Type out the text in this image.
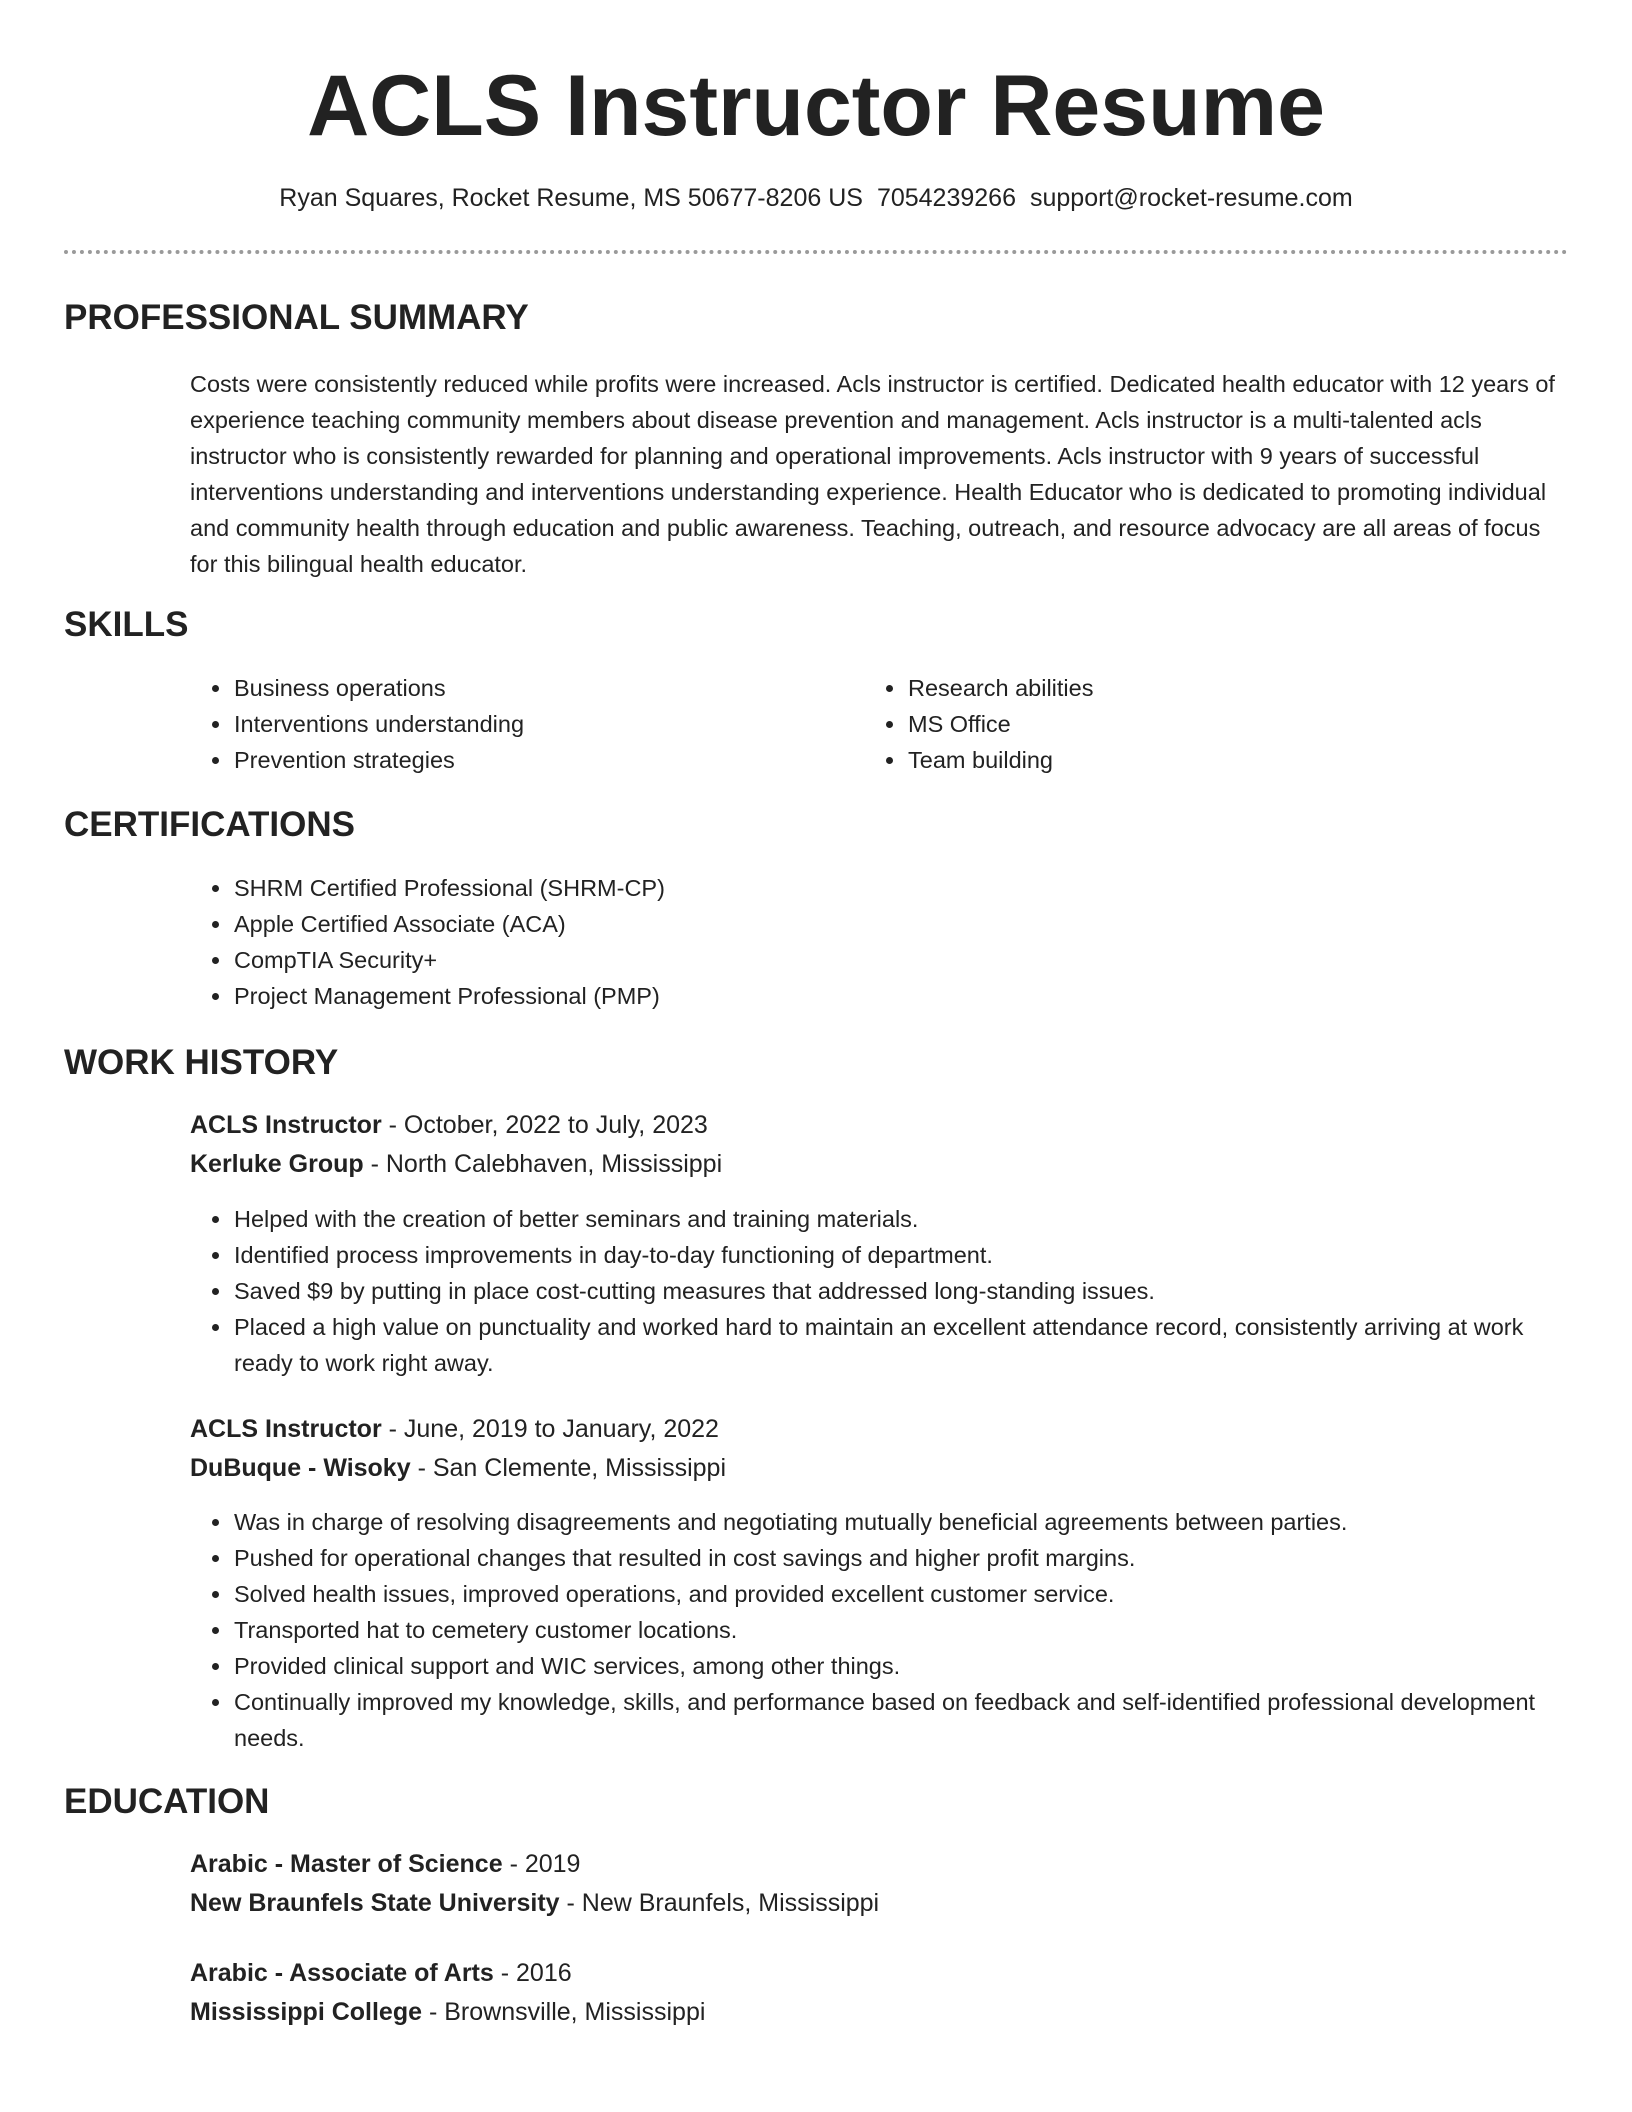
ACLS Instructor Resume
Ryan Squares, Rocket Resume, MS 50677-8206 US 7054239266 support@rocket-resume.com
PROFESSIONAL SUMMARY

Costs were consistently reduced while profits were increased. Acls instructor is certified. Dedicated health educator with 12 years of experience teaching community members about disease prevention and management. Acls instructor is a multi-talented acls instructor who is consistently rewarded for planning and operational improvements. Acls instructor with 9 years of successful interventions understanding and interventions understanding experience. Health Educator who is dedicated to promoting individual and community health through education and public awareness. Teaching, outreach, and resource advocacy are all areas of focus for this bilingual health educator.

SKILLS
• Business operations
• Interventions understanding
• Prevention strategies
• Research abilities
• MS Office
• Team building
CERTIFICATIONS
• SHRM Certified Professional (SHRM-CP)
• Apple Certified Associate (ACA)
• CompTIA Security+
• Project Management Professional (PMP)
WORK HISTORY

ACLS Instructor - October, 2022 to July, 2023

Kerluke Group - North Calebhaven, Mississippi

• Helped with the creation of better seminars and training materials.
• Identified process improvements in day-to-day functioning of department.
• Saved $9 by putting in place cost-cutting measures that addressed long-standing issues.
• Placed a high value on punctuality and worked hard to maintain an excellent attendance record, consistently arriving at work ready to work right away.

ACLS Instructor - June, 2019 to January, 2022

DuBuque - Wisoky - San Clemente, Mississippi

• Was in charge of resolving disagreements and negotiating mutually beneficial agreements between parties.
• Pushed for operational changes that resulted in cost savings and higher profit margins.
• Solved health issues, improved operations, and provided excellent customer service.
• Transported hat to cemetery customer locations.
• Provided clinical support and WIC services, among other things.
• Continually improved my knowledge, skills, and performance based on feedback and self-identified professional development needs.
EDUCATION

Arabic - Master of Science - 2019

New Braunfels State University - New Braunfels, Mississippi

Arabic - Associate of Arts - 2016

Mississippi College - Brownsville, Mississippi
